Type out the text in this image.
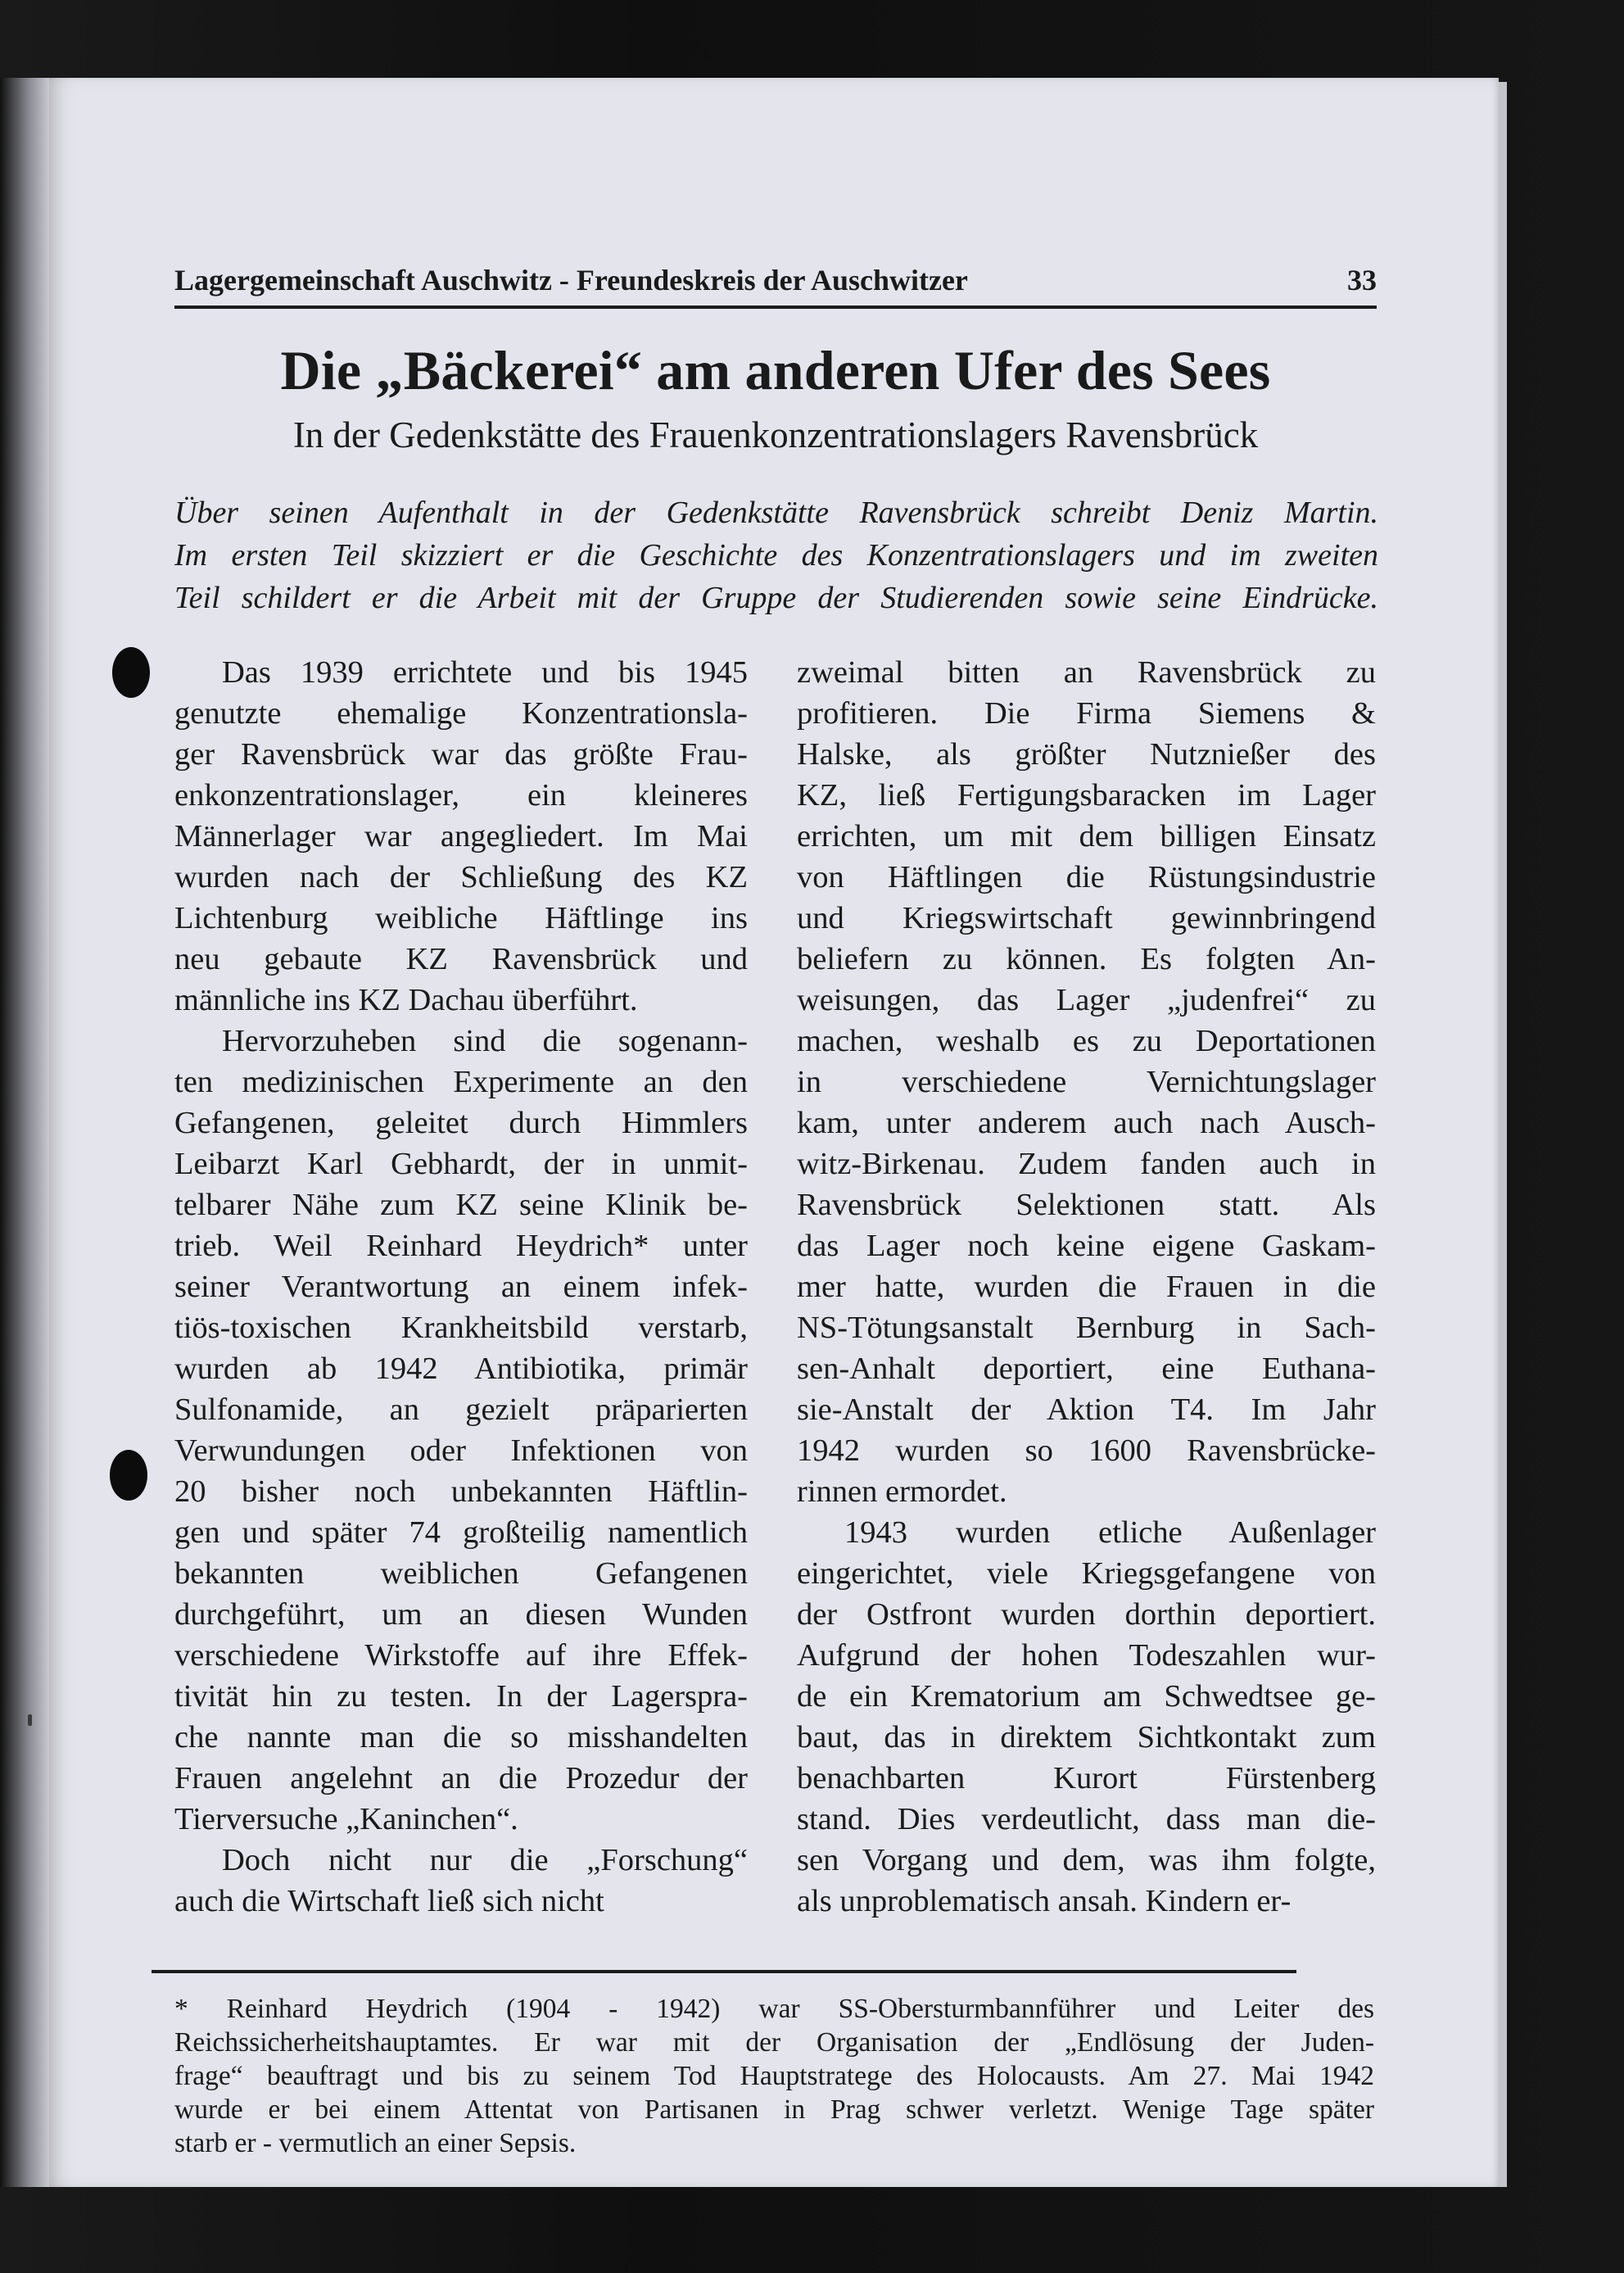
Lagergemeinschaft Auschwitz - Freundeskreis der Auschwitzer	33
Die „Bäckerei“ am anderen Ufer des Sees
In der Gedenkstätte des Frauenkonzentrationslagers Ravensbrück
Über seinen Aufenthalt in der Gedenkstätte Ravensbrück schreibt Deniz Martin.
Im ersten Teil skizziert er die Geschichte des Konzentrationslagers und im zweiten
Teil schildert er die Arbeit mit der Gruppe der Studierenden sowie seine Eindrücke.
Das 1939 errichtete und bis 1945
genutzte ehemalige Konzentrationsla-
ger Ravensbrück war das größte Frau-
enkonzentrationslager, ein kleineres
Männerlager war angegliedert. Im Mai
wurden nach der Schließung des KZ
Lichtenburg weibliche Häftlinge ins
neu gebaute KZ Ravensbrück und
männliche ins KZ Dachau überführt.
Hervorzuheben sind die sogenann-
ten medizinischen Experimente an den
Gefangenen, geleitet durch Himmlers
Leibarzt Karl Gebhardt, der in unmit-
telbarer Nähe zum KZ seine Klinik be-
trieb. Weil Reinhard Heydrich* unter
seiner Verantwortung an einem infek-
tiös-toxischen Krankheitsbild verstarb,
wurden ab 1942 Antibiotika, primär
Sulfonamide, an gezielt präparierten
Verwundungen oder Infektionen von
20 bisher noch unbekannten Häftlin-
gen und später 74 großteilig namentlich
bekannten weiblichen Gefangenen
durchgeführt, um an diesen Wunden
verschiedene Wirkstoffe auf ihre Effek-
tivität hin zu testen. In der Lagerspra-
che nannte man die so misshandelten
Frauen angelehnt an die Prozedur der
Tierversuche „Kaninchen“.
Doch nicht nur die „Forschung“
auch die Wirtschaft ließ sich nicht
zweimal bitten an Ravensbrück zu
profitieren. Die Firma Siemens &
Halske, als größter Nutznießer des
KZ, ließ Fertigungsbaracken im Lager
errichten, um mit dem billigen Einsatz
von Häftlingen die Rüstungsindustrie
und Kriegswirtschaft gewinnbringend
beliefern zu können. Es folgten An-
weisungen, das Lager „judenfrei“ zu
machen, weshalb es zu Deportationen
in verschiedene Vernichtungslager
kam, unter anderem auch nach Ausch-
witz-Birkenau. Zudem fanden auch in
Ravensbrück Selektionen statt. Als
das Lager noch keine eigene Gaskam-
mer hatte, wurden die Frauen in die
NS-Tötungsanstalt Bernburg in Sach-
sen-Anhalt deportiert, eine Euthana-
sie-Anstalt der Aktion T4. Im Jahr
1942 wurden so 1600 Ravensbrücke-
rinnen ermordet.
1943 wurden etliche Außenlager
eingerichtet, viele Kriegsgefangene von
der Ostfront wurden dorthin deportiert.
Aufgrund der hohen Todeszahlen wur-
de ein Krematorium am Schwedtsee ge-
baut, das in direktem Sichtkontakt zum
benachbarten Kurort Fürstenberg
stand. Dies verdeutlicht, dass man die-
sen Vorgang und dem, was ihm folgte,
als unproblematisch ansah. Kindern er-
* Reinhard Heydrich (1904 - 1942) war SS-Obersturmbannführer und Leiter des
Reichssicherheitshauptamtes. Er war mit der Organisation der „Endlösung der Juden-
frage“ beauftragt und bis zu seinem Tod Hauptstratege des Holocausts. Am 27. Mai 1942
wurde er bei einem Attentat von Partisanen in Prag schwer verletzt. Wenige Tage später
starb er - vermutlich an einer Sepsis.
